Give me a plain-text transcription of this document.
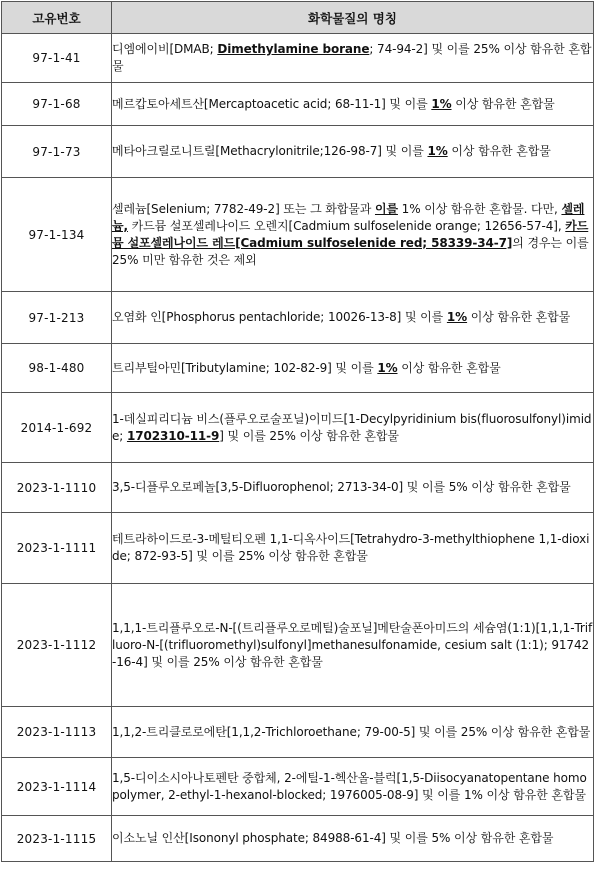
고유번호	화학물질의 명칭
97-1-41	디엠에이비[DMAB; Dimethylamine borane; 74-94-2] 및 이를 25% 이상 함유한 혼합물
97-1-68	메르캅토아세트산[Mercaptoacetic acid; 68-11-1] 및 이를 1% 이상 함유한 혼합물
97-1-73	메타아크릴로니트릴[Methacrylonitrile;126-98-7] 및 이를 1% 이상 함유한 혼합물
97-1-134	셀레늄[Selenium; 7782-49-2] 또는 그 화합물과 이를 1% 이상 함유한 혼합물. 다만, 셀레늄, 카드뮴 설포셀레나이드 오렌지[Cadmium sulfoselenide orange; 12656-57-4], 카드뮴 설포셀레나이드 레드[Cadmium sulfoselenide red; 58339-34-7]의 경우는 이를 25% 미만 함유한 것은 제외
97-1-213	오염화 인[Phosphorus pentachloride; 10026-13-8] 및 이를 1% 이상 함유한 혼합물
98-1-480	트리부틸아민[Tributylamine; 102-82-9] 및 이를 1% 이상 함유한 혼합물
2014-1-692	1-데실피리디늄 비스(플루오로술포닐)이미드[1-Decylpyridinium bis(fluorosulfonyl)imide; 1702310-11-9] 및 이를 25% 이상 함유한 혼합물
2023-1-1110	3,5-디플루오로페놀[3,5-Difluorophenol; 2713-34-0] 및 이를 5% 이상 함유한 혼합물
2023-1-1111	테트라하이드로-3-메틸티오펜 1,1-디옥사이드[Tetrahydro-3-methylthiophene 1,1-dioxide; 872-93-5] 및 이를 25% 이상 함유한 혼합물
2023-1-1112	1,1,1-트리플루오로-N-[(트리플루오로메틸)술포닐]메탄술폰아미드의 세슘염(1:1)[1,1,1-Trifluoro-N-[(trifluoromethyl)sulfonyl]methanesulfonamide, cesium salt (1:1); 91742-16-4] 및 이를 25% 이상 함유한 혼합물
2023-1-1113	1,1,2-트리클로로에탄[1,1,2-Trichloroethane; 79-00-5] 및 이를 25% 이상 함유한 혼합물
2023-1-1114	1,5-디이소시아나토펜탄 중합체, 2-에틸-1-헥산올-블럭[1,5-Diisocyanatopentane homopolymer, 2-ethyl-1-hexanol-blocked; 1976005-08-9] 및 이를 1% 이상 함유한 혼합물
2023-1-1115	이소노닐 인산[Isononyl phosphate; 84988-61-4] 및 이를 5% 이상 함유한 혼합물
